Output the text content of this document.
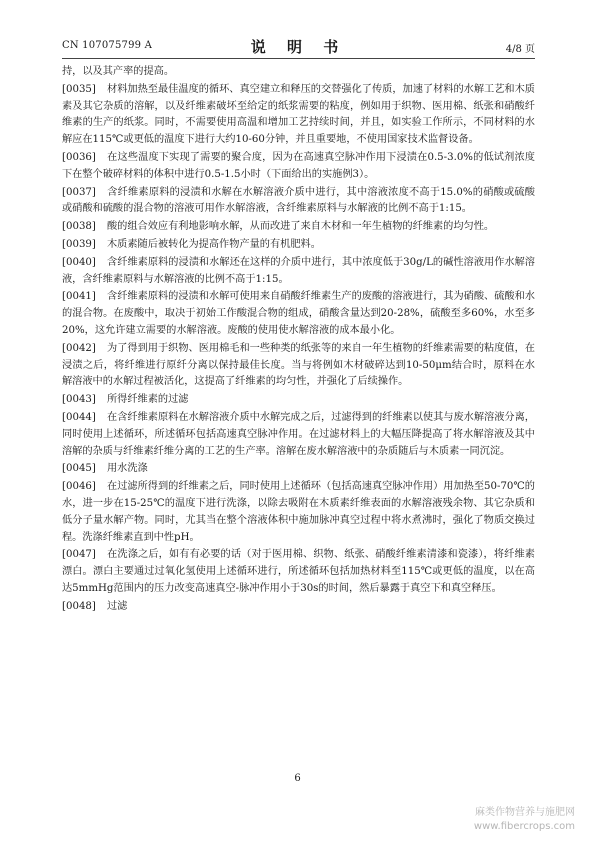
CN 107075799 A	说 明 书	4/8 页

持，以及其产率的提高。

[0035] 材料加热至最佳温度的循环、真空建立和释压的交替强化了传质，加速了材料的水解工艺和木质素及其它杂质的溶解，以及纤维素破坏至给定的纸浆需要的粘度，例如用于织物、医用棉、纸张和硝酸纤维素的生产的纸浆。同时，不需要使用高温和增加工艺持续时间，并且，如实验工作所示，不同材料的水解应在115℃或更低的温度下进行大约10-60分钟，并且重要地，不使用国家技术监督设备。

[0036] 在这些温度下实现了需要的聚合度，因为在高速真空脉冲作用下浸渍在0.5-3.0%的低试剂浓度下在整个破碎材料的体积中进行0.5-1.5小时（下面给出的实施例3）。

[0037] 含纤维素原料的浸渍和水解在水解溶液介质中进行，其中溶液浓度不高于15.0%的硝酸或硫酸或硝酸和硫酸的混合物的溶液可用作水解溶液，含纤维素原料与水解液的比例不高于1:15。

[0038] 酸的组合效应有利地影响水解，从而改进了来自木材和一年生植物的纤维素的均匀性。

[0039] 木质素随后被转化为提高作物产量的有机肥料。

[0040] 含纤维素原料的浸渍和水解还在这样的介质中进行，其中浓度低于30g/L的碱性溶液用作水解溶液，含纤维素原料与水解溶液的比例不高于1:15。

[0041] 含纤维素原料的浸渍和水解可使用来自硝酸纤维素生产的废酸的溶液进行，其为硝酸、硫酸和水的混合物。在废酸中，取决于初始工作酸混合物的组成，硝酸含量达到20-28%，硫酸至多60%，水至多20%，这允许建立需要的水解溶液。废酸的使用使水解溶液的成本最小化。

[0042] 为了得到用于织物、医用棉毛和一些种类的纸张等的来自一年生植物的纤维素需要的粘度值，在浸渍之后，将纤维进行原纤分离以保持最佳长度。当与将例如木材破碎达到10-50μm结合时，原料在水解溶液中的水解过程被活化，这提高了纤维素的均匀性，并强化了后续操作。

[0043] 所得纤维素的过滤

[0044] 在含纤维素原料在水解溶液介质中水解完成之后，过滤得到的纤维素以使其与废水解溶液分离，同时使用上述循环，所述循环包括高速真空脉冲作用。在过滤材料上的大幅压降提高了将水解溶液及其中溶解的杂质与纤维素纤维分离的工艺的生产率。溶解在废水解溶液中的杂质随后与木质素一同沉淀。

[0045] 用水洗涤

[0046] 在过滤所得到的纤维素之后，同时使用上述循环（包括高速真空脉冲作用）用加热至50-70℃的水，进一步在15-25℃的温度下进行洗涤，以除去吸附在木质素纤维表面的水解溶液残余物、其它杂质和低分子量水解产物。同时，尤其当在整个溶液体积中施加脉冲真空过程中将水煮沸时，强化了物质交换过程。洗涤纤维素直到中性pH。

[0047] 在洗涤之后，如有有必要的话（对于医用棉、织物、纸张、硝酸纤维素清漆和瓷漆），将纤维素漂白。漂白主要通过过氧化氢使用上述循环进行，所述循环包括加热材料至115℃或更低的温度，以在高达5mmHg范围内的压力改变高速真空-脉冲作用小于30s的时间，然后暴露于真空下和真空释压。

[0048] 过滤

6
麻类作物营养与施肥网
www.fibercrops.com
